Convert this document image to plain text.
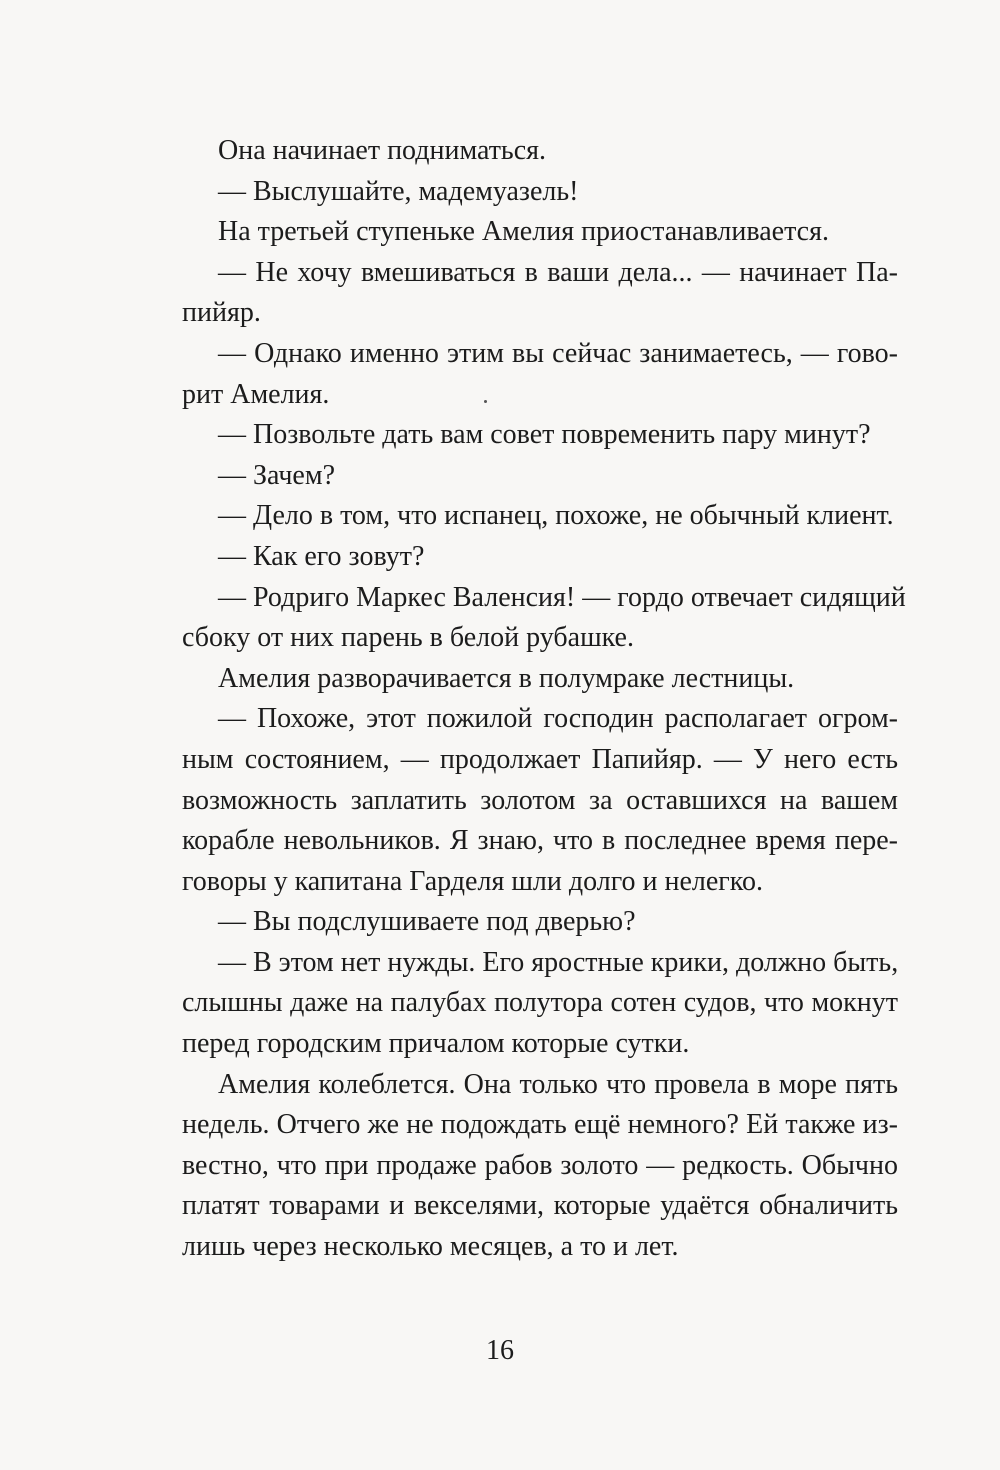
Она начинает подниматься.
— Выслушайте, мадемуазель!
На третьей ступеньке Амелия приостанавливается.
— Не хочу вмешиваться в ваши дела... — начинает Па-
пийяр.
— Однако именно этим вы сейчас занимаетесь, — гово-
рит Амелия.
— Позвольте дать вам совет повременить пару минут?
— Зачем?
— Дело в том, что испанец, похоже, не обычный клиент.
— Как его зовут?
— Родриго Маркес Валенсия! — гордо отвечает сидящий
сбоку от них парень в белой рубашке.
Амелия разворачивается в полумраке лестницы.
— Похоже, этот пожилой господин располагает огром-
ным состоянием, — продолжает Папийяр. — У него есть
возможность заплатить золотом за оставшихся на вашем
корабле невольников. Я знаю, что в последнее время пере-
говоры у капитана Гарделя шли долго и нелегко.
— Вы подслушиваете под дверью?
— В этом нет нужды. Его яростные крики, должно быть,
слышны даже на палубах полутора сотен судов, что мокнут
перед городским причалом которые сутки.
Амелия колеблется. Она только что провела в море пять
недель. Отчего же не подождать ещё немного? Ей также из-
вестно, что при продаже рабов золото — редкость. Обычно
платят товарами и векселями, которые удаётся обналичить
лишь через несколько месяцев, а то и лет.
16
